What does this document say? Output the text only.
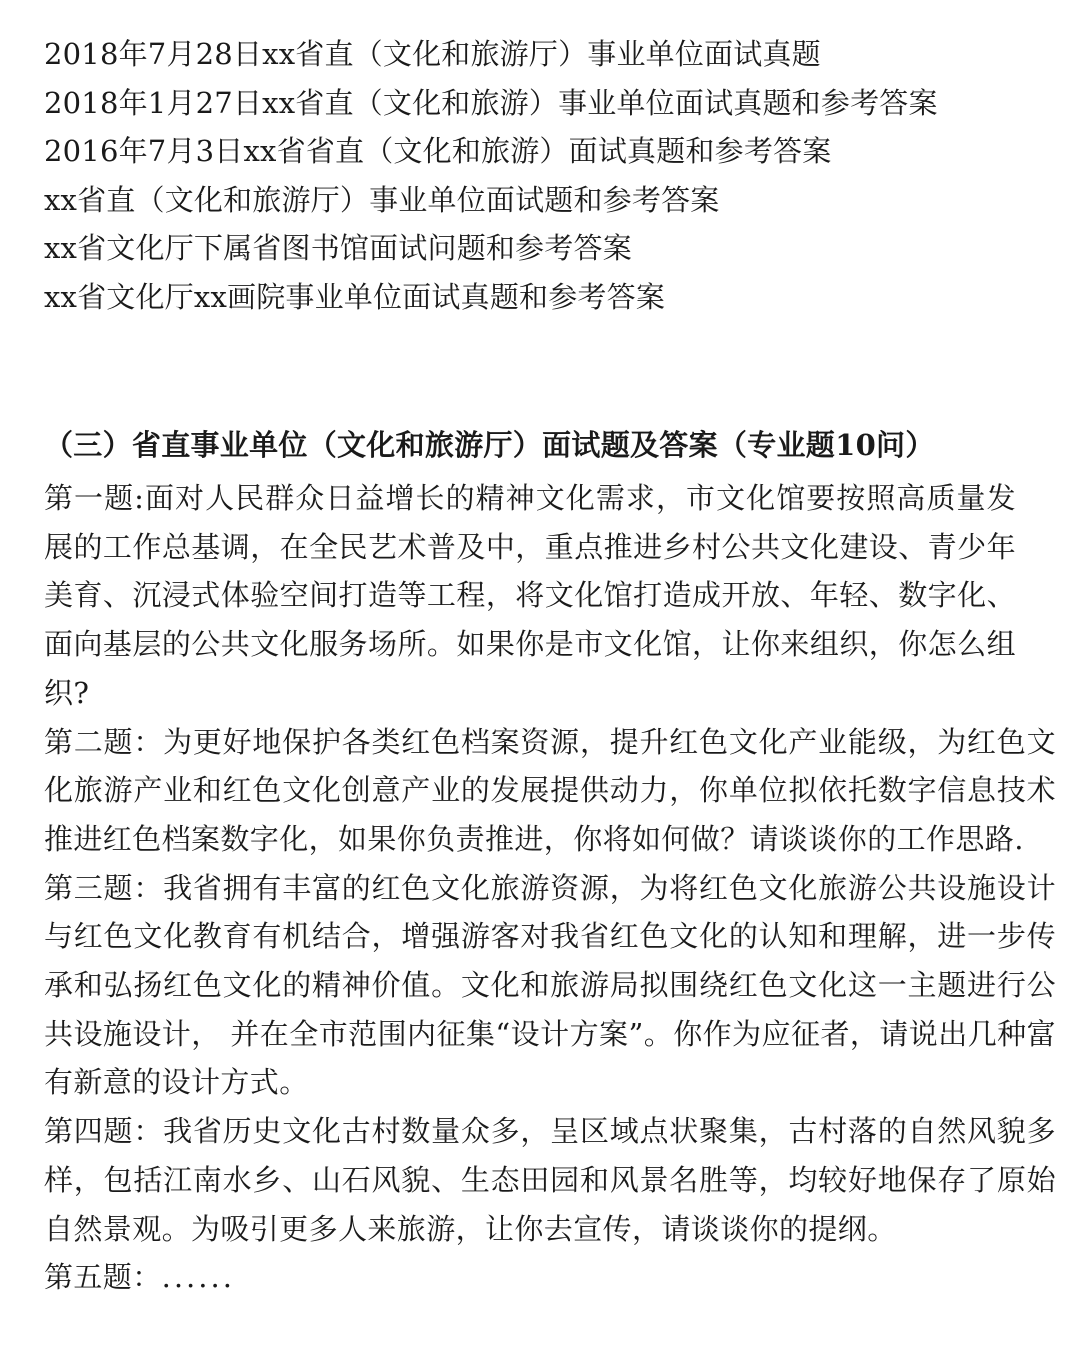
2018年7月28日xx省直（文化和旅游厅）事业单位面试真题
2018年1月27日xx省直（文化和旅游）事业单位面试真题和参考答案
2016年7月3日xx省省直（文化和旅游）面试真题和参考答案
xx省直（文化和旅游厅）事业单位面试题和参考答案
xx省文化厅下属省图书馆面试问题和参考答案
xx省文化厅xx画院事业单位面试真题和参考答案
（三）省直事业单位（文化和旅游厅）面试题及答案（专业题10问）
第一题:面对人民群众日益增长的精神文化需求，市文化馆要按照高质量发展的工作总基调，在全民艺术普及中，重点推进乡村公共文化建设、青少年美育、沉浸式体验空间打造等工程，将文化馆打造成开放、年轻、数字化、面向基层的公共文化服务场所。如果你是市文化馆，让你来组织，你怎么组织?
第二题：为更好地保护各类红色档案资源，提升红色文化产业能级，为红色文化旅游产业和红色文化创意产业的发展提供动力，你单位拟依托数字信息技术推进红色档案数字化，如果你负责推进，你将如何做？请谈谈你的工作思路.
第三题：我省拥有丰富的红色文化旅游资源，为将红色文化旅游公共设施设计与红色文化教育有机结合，增强游客对我省红色文化的认知和理解，进一步传承和弘扬红色文化的精神价值。文化和旅游局拟围绕红色文化这一主题进行公共设施设计， 并在全市范围内征集“设计方案”。你作为应征者，请说出几种富有新意的设计方式。
第四题：我省历史文化古村数量众多，呈区域点状聚集，古村落的自然风貌多样，包括江南水乡、山石风貌、生态田园和风景名胜等，均较好地保存了原始自然景观。为吸引更多人来旅游，让你去宣传，请谈谈你的提纲。
第五题：......
